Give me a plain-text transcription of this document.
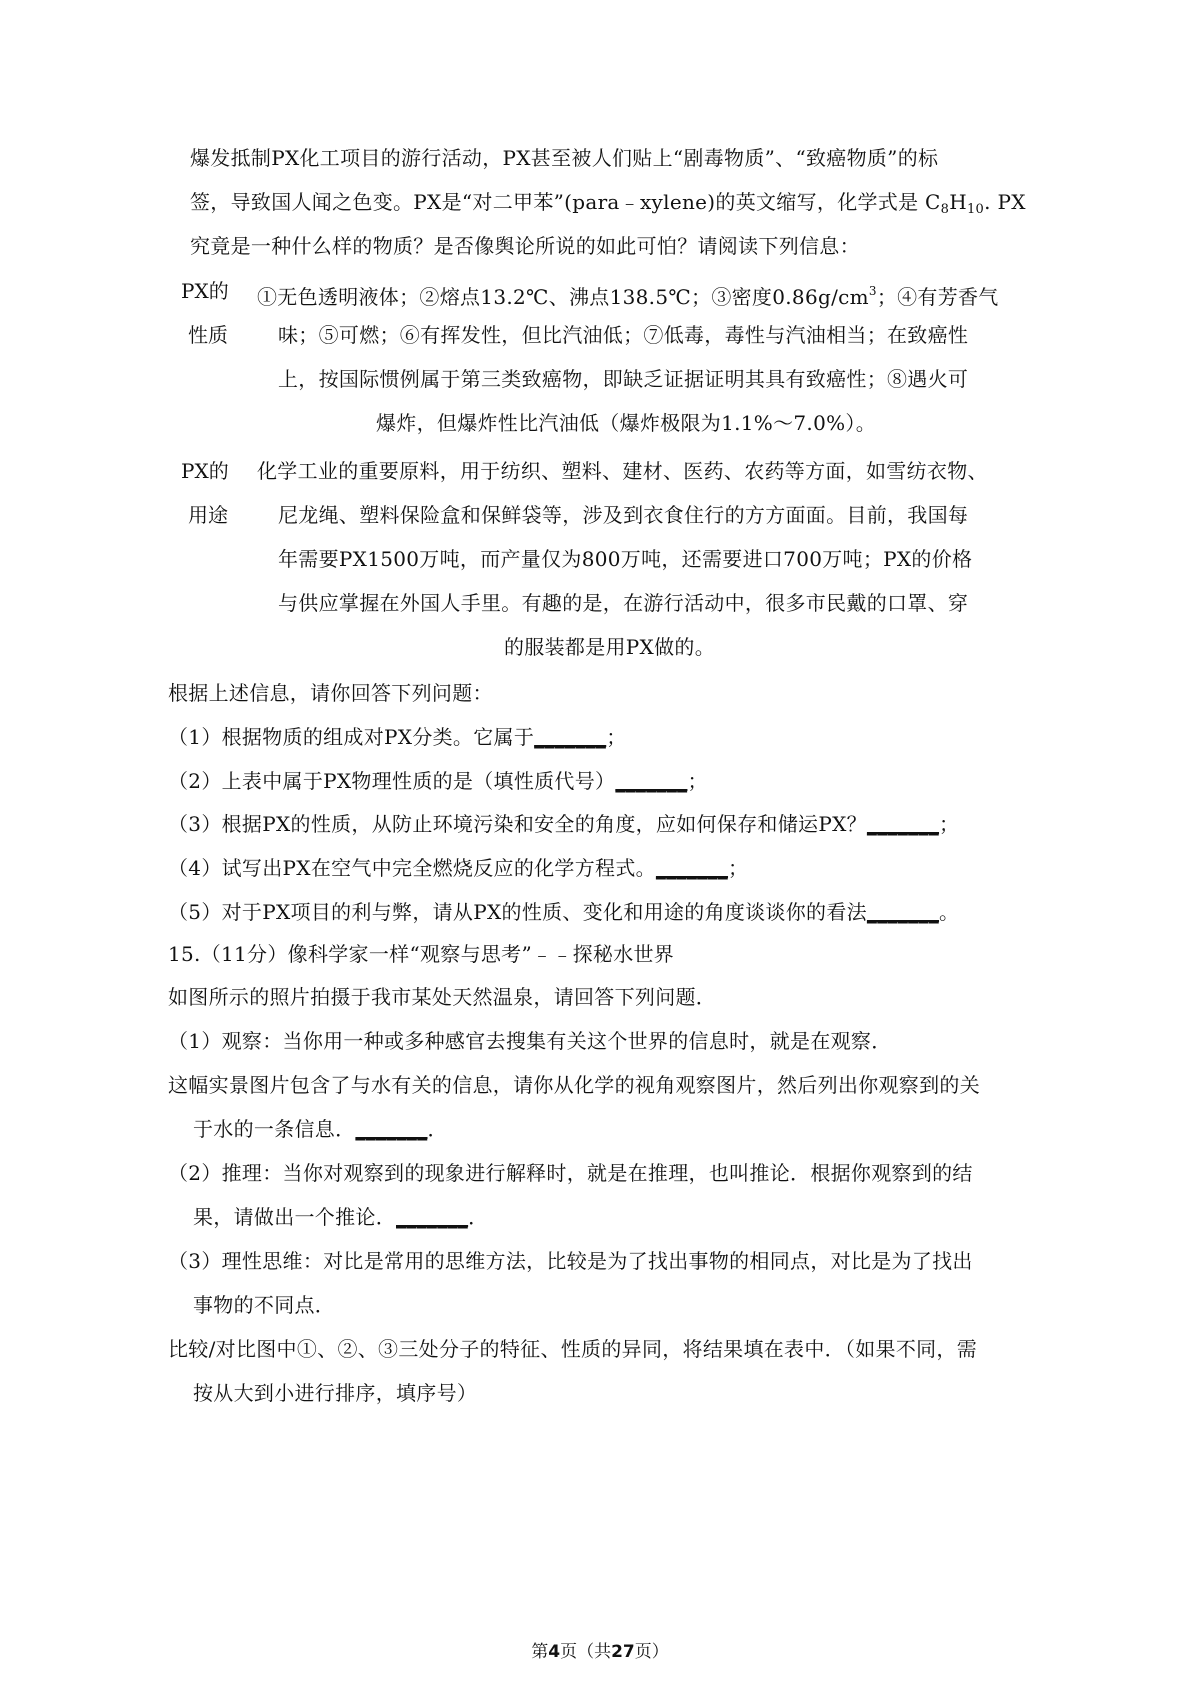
爆发抵制PX化工项目的游行活动，PX甚至被人们贴上“剧毒物质”、“致癌物质”的标
签，导致国人闻之色变。PX是“对二甲苯”(para﹣xylene)的英文缩写，化学式是 $C_8H_{10}$. PX
究竟是一种什么样的物质？是否像舆论所说的如此可怕？请阅读下列信息：
PX的
性质
①无色透明液体；②熔点13.2℃、沸点138.5℃；③密度$0.86g/cm^3$；④有芳香气
味；⑤可燃；⑥有挥发性，但比汽油低；⑦低毒，毒性与汽油相当；在致癌性
上，按国际惯例属于第三类致癌物，即缺乏证据证明其具有致癌性；⑧遇火可
爆炸，但爆炸性比汽油低（爆炸极限为1.1%～7.0%）。
PX的
用途
化学工业的重要原料，用于纺织、塑料、建材、医药、农药等方面，如雪纺衣物、
尼龙绳、塑料保险盒和保鲜袋等，涉及到衣食住行的方方面面。目前，我国每
年需要PX1500万吨，而产量仅为800万吨，还需要进口700万吨；PX的价格
与供应掌握在外国人手里。有趣的是，在游行活动中，很多市民戴的口罩、穿
的服装都是用PX做的。
根据上述信息，请你回答下列问题：
（1）根据物质的组成对PX分类。它属于_______；
（2）上表中属于PX物理性质的是（填性质代号）_______；
（3）根据PX的性质，从防止环境污染和安全的角度，应如何保存和储运PX？_______；
（4）试写出PX在空气中完全燃烧反应的化学方程式。_______；
（5）对于PX项目的利与弊，请从PX的性质、变化和用途的角度谈谈你的看法_______。
15.（11分）像科学家一样“观察与思考”﹣﹣探秘水世界
如图所示的照片拍摄于我市某处天然温泉，请回答下列问题．
（1）观察：当你用一种或多种感官去搜集有关这个世界的信息时，就是在观察．
这幅实景图片包含了与水有关的信息，请你从化学的视角观察图片，然后列出你观察到的关
于水的一条信息．_______．
（2）推理：当你对观察到的现象进行解释时，就是在推理，也叫推论．根据你观察到的结
果，请做出一个推论．_______．
（3）理性思维：对比是常用的思维方法，比较是为了找出事物的相同点，对比是为了找出
事物的不同点．
比较/对比图中①、②、③三处分子的特征、性质的异同，将结果填在表中．（如果不同，需
按从大到小进行排序，填序号）
第4页（共27页）
